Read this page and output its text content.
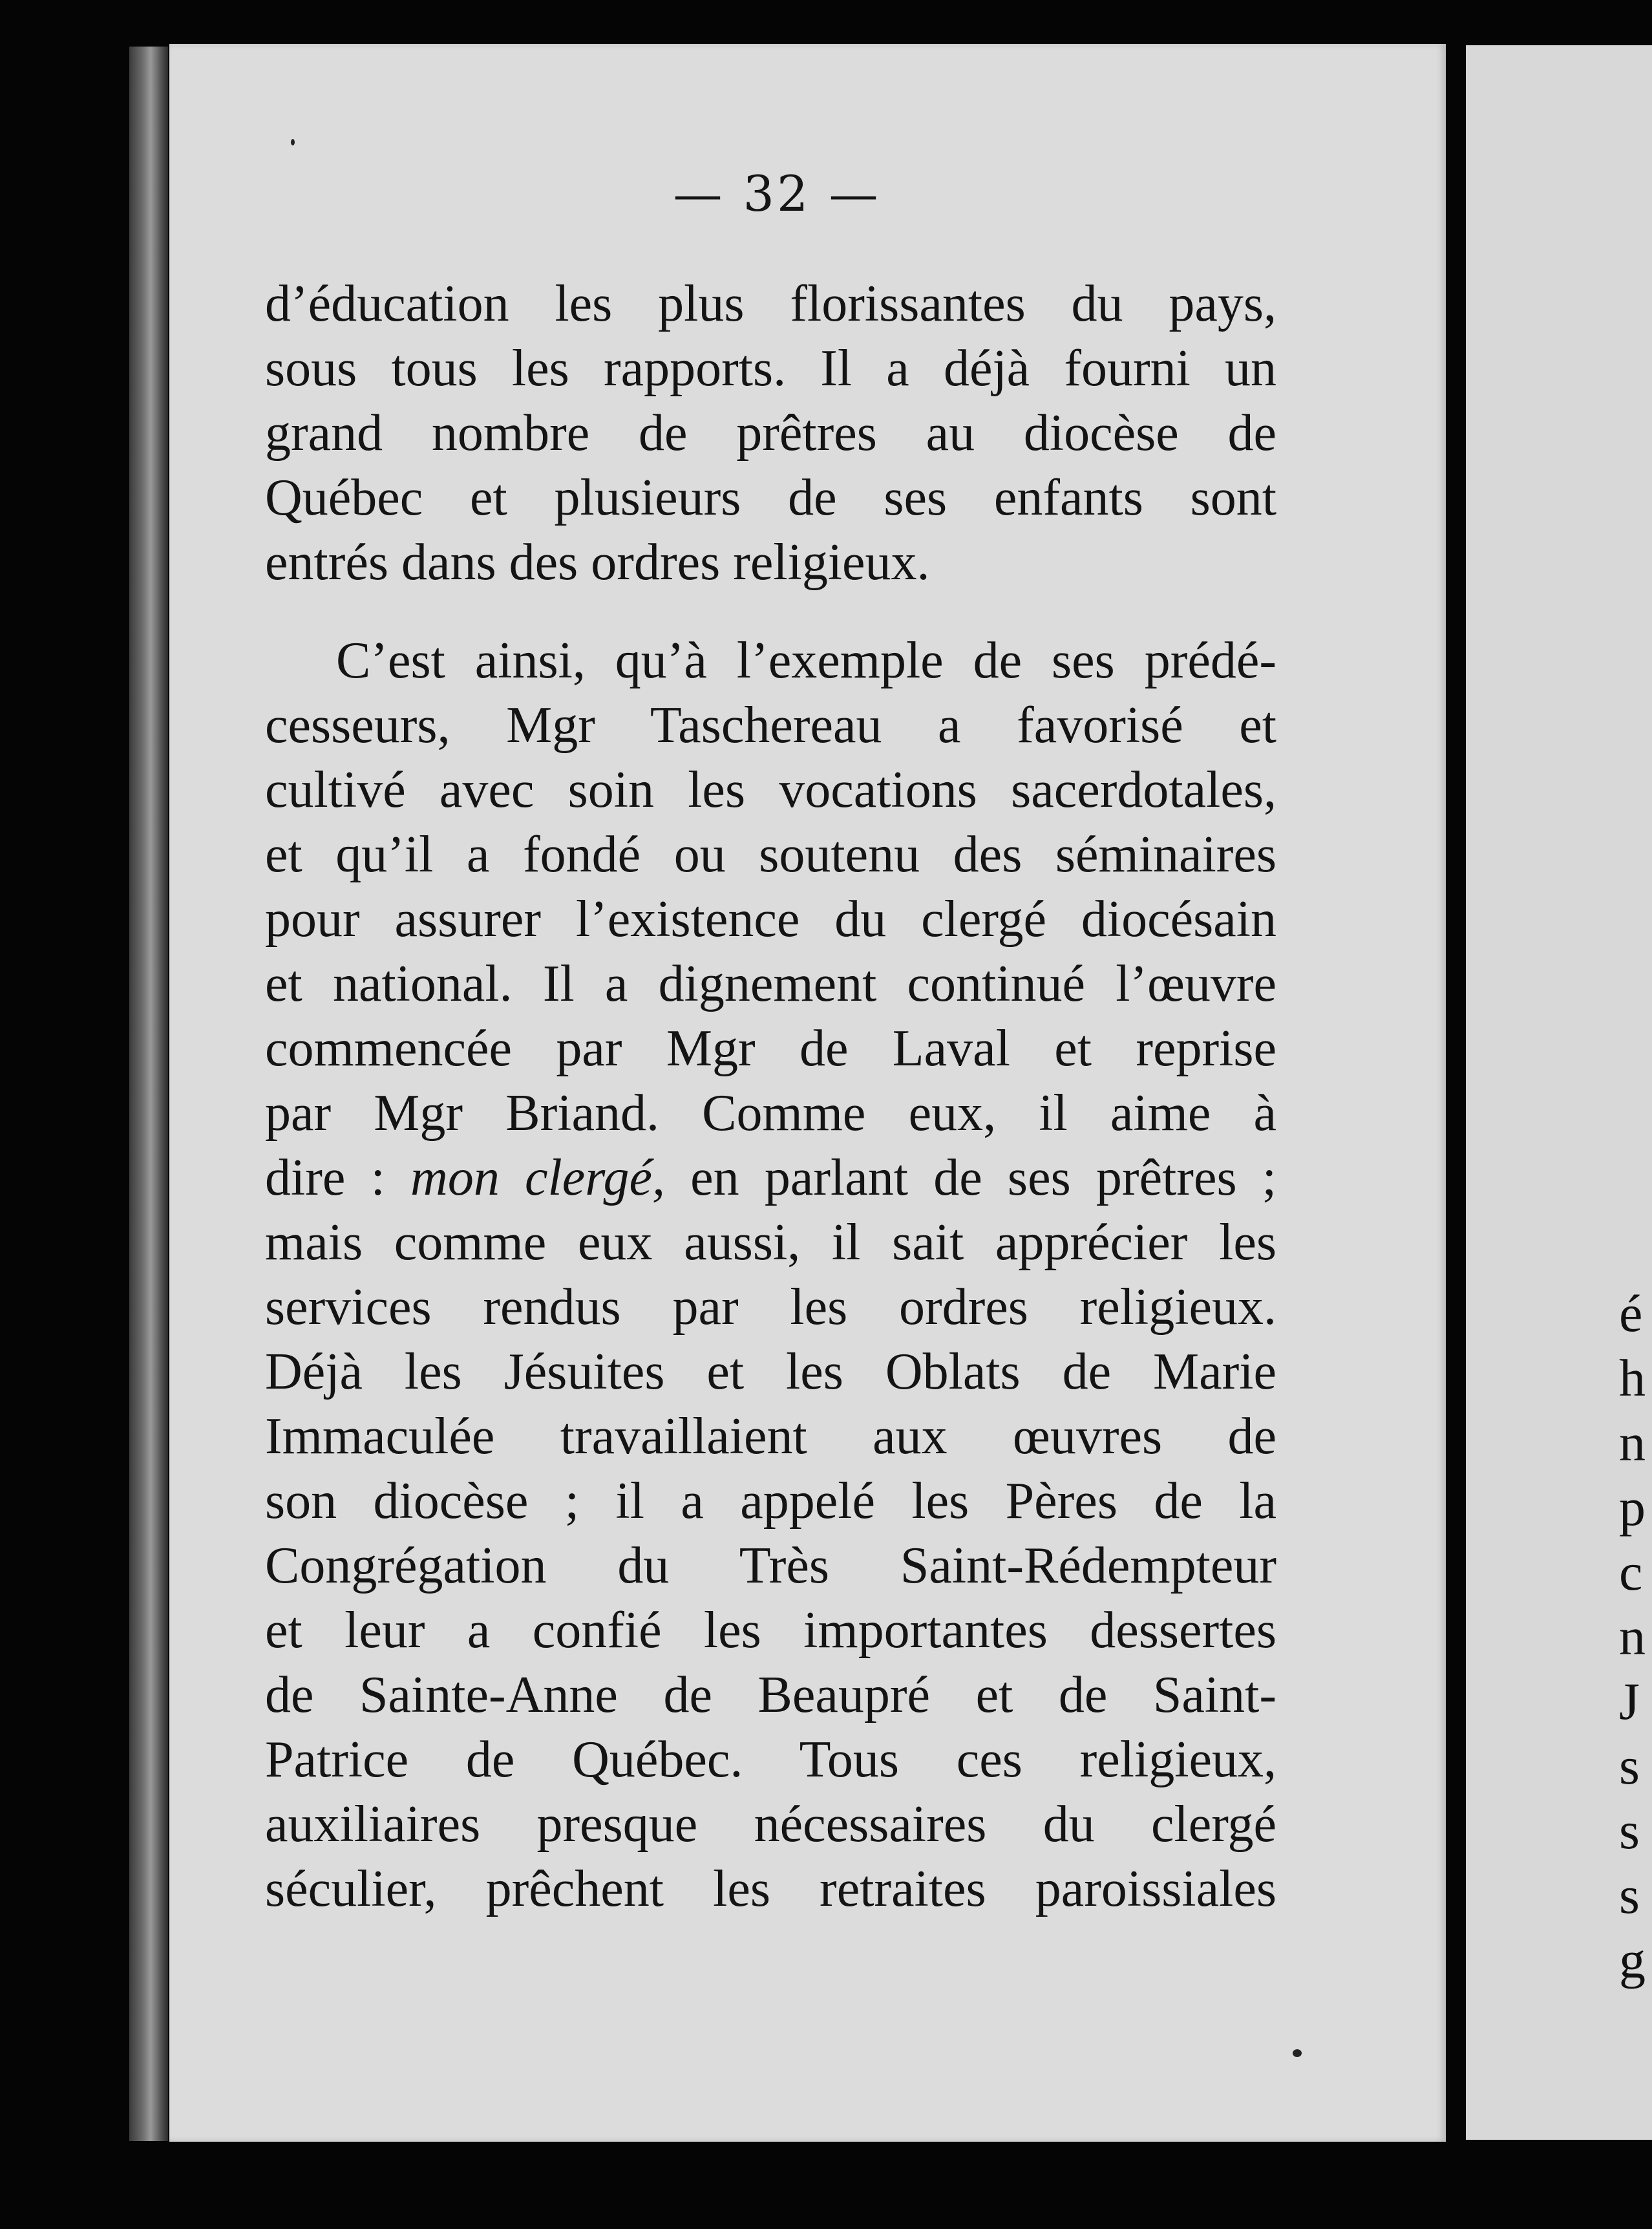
é
h
n
p
c
n
J
s
s
s
g
— 32 —
d’éducation les plus florissantes du pays,
sous tous les rapports. Il a déjà fourni un
grand nombre de prêtres au diocèse de
Québec et plusieurs de ses enfants sont
entrés dans des ordres religieux.
C’est ainsi, qu’à l’exemple de ses prédé-
cesseurs, Mgr Taschereau a favorisé et
cultivé avec soin les vocations sacerdotales,
et qu’il a fondé ou soutenu des séminaires
pour assurer l’existence du clergé diocésain
et national. Il a dignement continué l’œuvre
commencée par Mgr de Laval et reprise
par Mgr Briand. Comme eux, il aime à
dire : mon clergé, en parlant de ses prêtres ;
mais comme eux aussi, il sait apprécier les
services rendus par les ordres religieux.
Déjà les Jésuites et les Oblats de Marie
Immaculée travaillaient aux œuvres de
son diocèse ; il a appelé les Pères de la
Congrégation du Très Saint-Rédempteur
et leur a confié les importantes dessertes
de Sainte-Anne de Beaupré et de Saint-
Patrice de Québec. Tous ces religieux,
auxiliaires presque nécessaires du clergé
séculier, prêchent les retraites paroissiales
